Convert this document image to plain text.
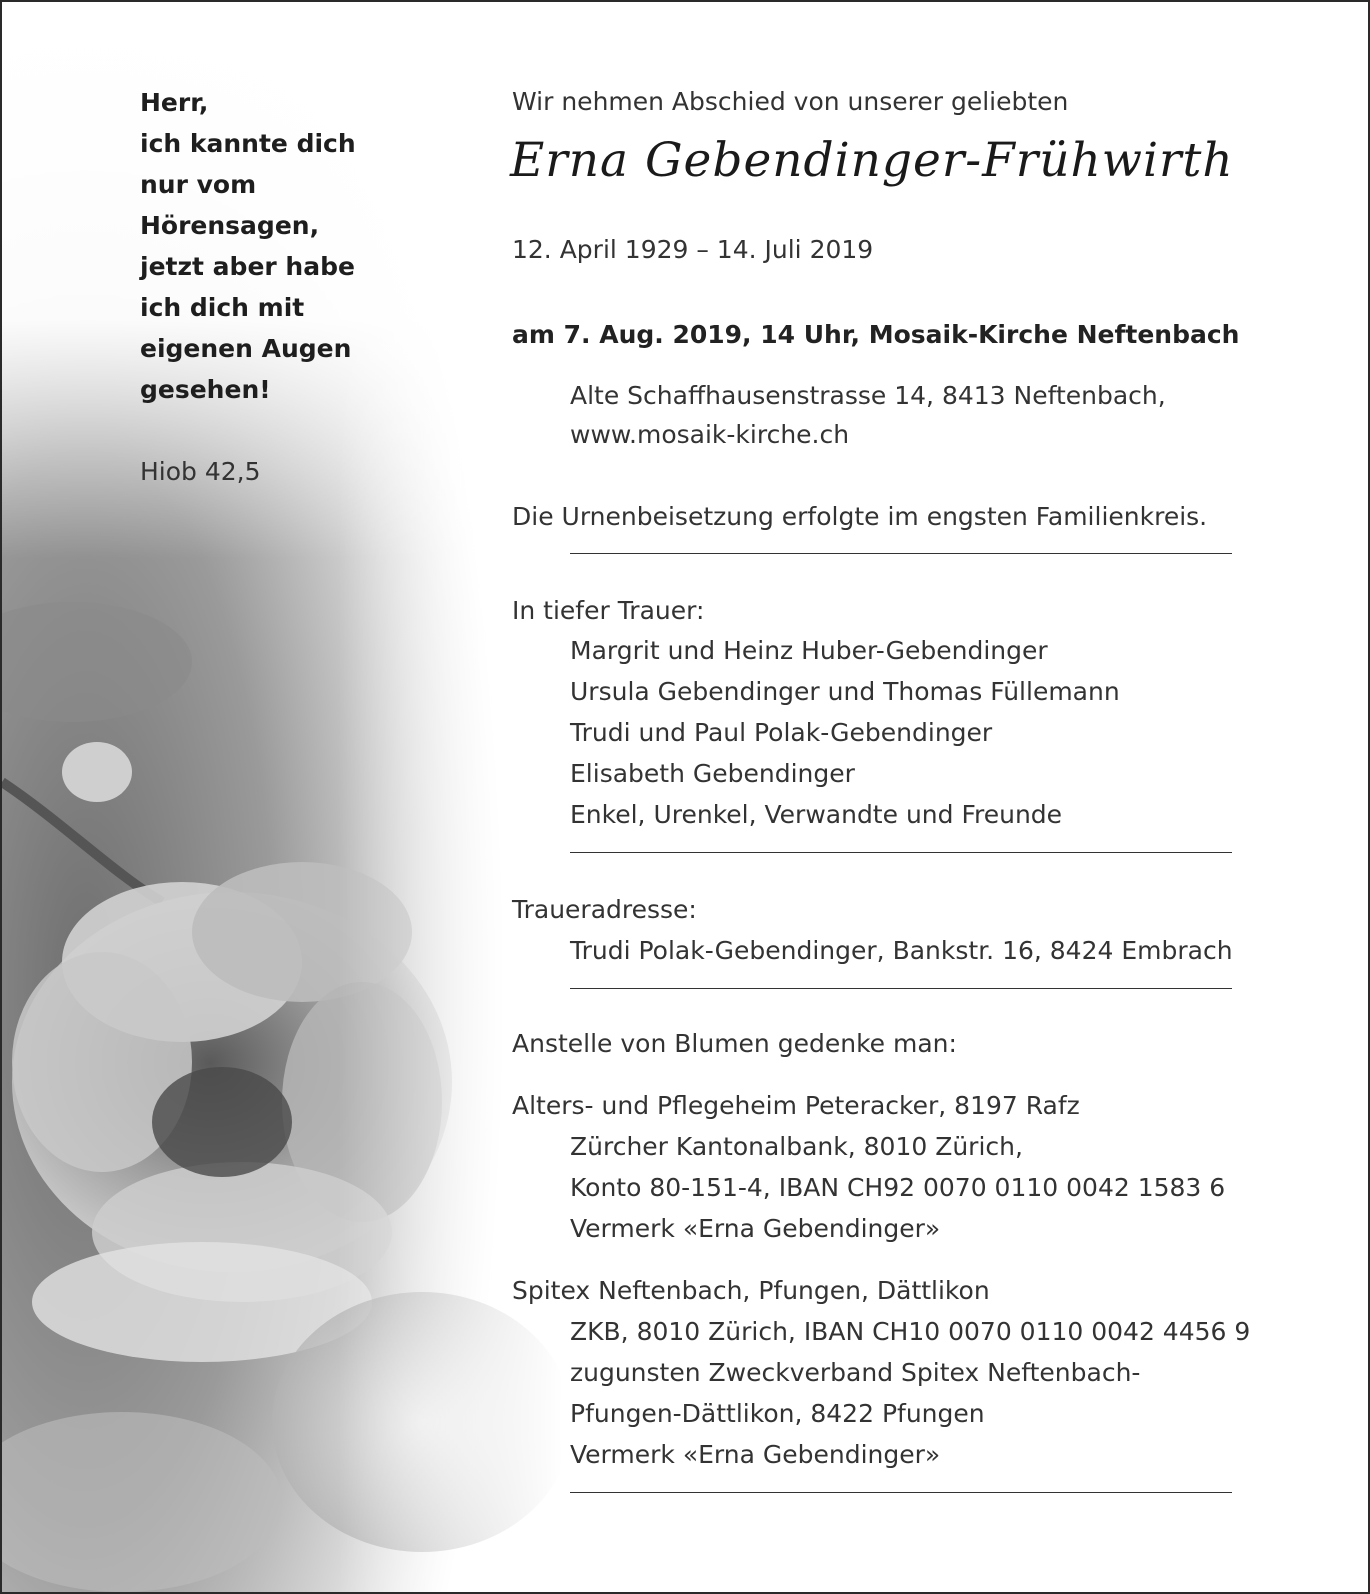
Herr,
ich kannte dich
nur vom
Hörensagen,
jetzt aber habe
ich dich mit
eigenen Augen
gesehen!
Hiob 42,5
Wir nehmen Abschied von unserer geliebten
Erna Gebendinger-Frühwirth
12. April 1929 – 14. Juli 2019
am 7. Aug. 2019, 14 Uhr, Mosaik-Kirche Neftenbach
Alte Schaffhausenstrasse 14, 8413 Neftenbach,
www.mosaik-kirche.ch
Die Urnenbeisetzung erfolgte im engsten Familienkreis.
In tiefer Trauer:
Margrit und Heinz Huber-Gebendinger
Ursula Gebendinger und Thomas Füllemann
Trudi und Paul Polak-Gebendinger
Elisabeth Gebendinger
Enkel, Urenkel, Verwandte und Freunde
Traueradresse:
Trudi Polak-Gebendinger, Bankstr. 16, 8424 Embrach
Anstelle von Blumen gedenke man:
Alters- und Pflegeheim Peteracker, 8197 Rafz
Zürcher Kantonalbank, 8010 Zürich,
Konto 80-151-4, IBAN CH92 0070 0110 0042 1583 6
Vermerk «Erna Gebendinger»
Spitex Neftenbach, Pfungen, Dättlikon
ZKB, 8010 Zürich, IBAN CH10 0070 0110 0042 4456 9
zugunsten Zweckverband Spitex Neftenbach-
Pfungen-Dättlikon, 8422 Pfungen
Vermerk «Erna Gebendinger»
